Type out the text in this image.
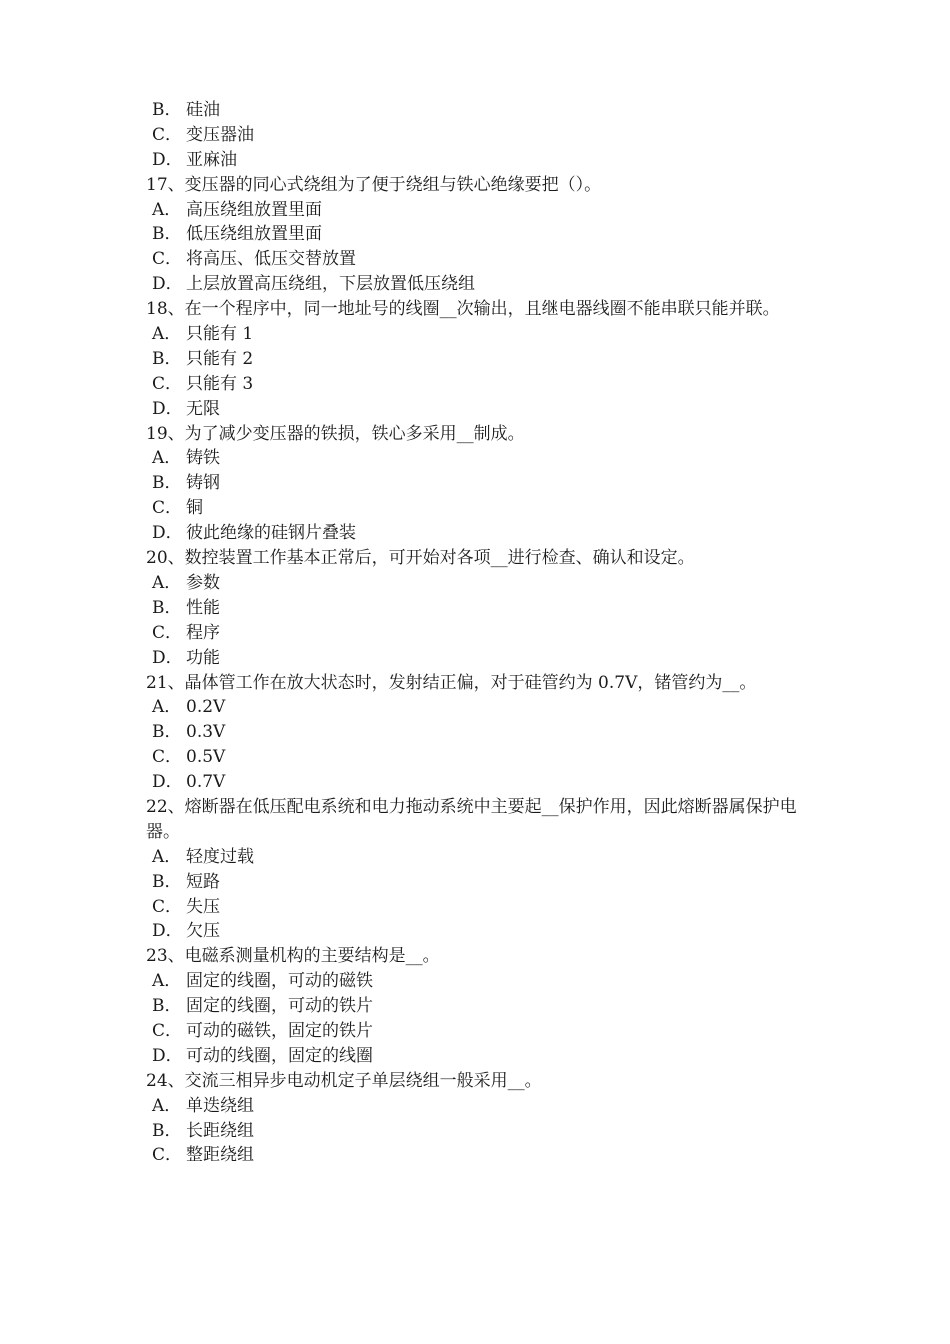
B． 硅油
C． 变压器油
D． 亚麻油
17、变压器的同心式绕组为了便于绕组与铁心绝缘要把（）。
A． 高压绕组放置里面
B． 低压绕组放置里面
C． 将高压、低压交替放置
D． 上层放置高压绕组，下层放置低压绕组
18、在一个程序中，同一地址号的线圈__次输出，且继电器线圈不能串联只能并联。
A． 只能有 1
B． 只能有 2
C． 只能有 3
D． 无限
19、为了减少变压器的铁损，铁心多采用__制成。
A． 铸铁
B． 铸钢
C． 铜
D． 彼此绝缘的硅钢片叠装
20、数控装置工作基本正常后，可开始对各项__进行检查、确认和设定。
A． 参数
B． 性能
C． 程序
D． 功能
21、晶体管工作在放大状态时，发射结正偏，对于硅管约为 0.7V，锗管约为__。
A． 0.2V
B． 0.3V
C． 0.5V
D． 0.7V
22、熔断器在低压配电系统和电力拖动系统中主要起__保护作用，因此熔断器属保护电器。
A． 轻度过载
B． 短路
C． 失压
D． 欠压
23、电磁系测量机构的主要结构是__。
A． 固定的线圈，可动的磁铁
B． 固定的线圈，可动的铁片
C． 可动的磁铁，固定的铁片
D． 可动的线圈，固定的线圈
24、交流三相异步电动机定子单层绕组一般采用__。
A． 单迭绕组
B． 长距绕组
C． 整距绕组
